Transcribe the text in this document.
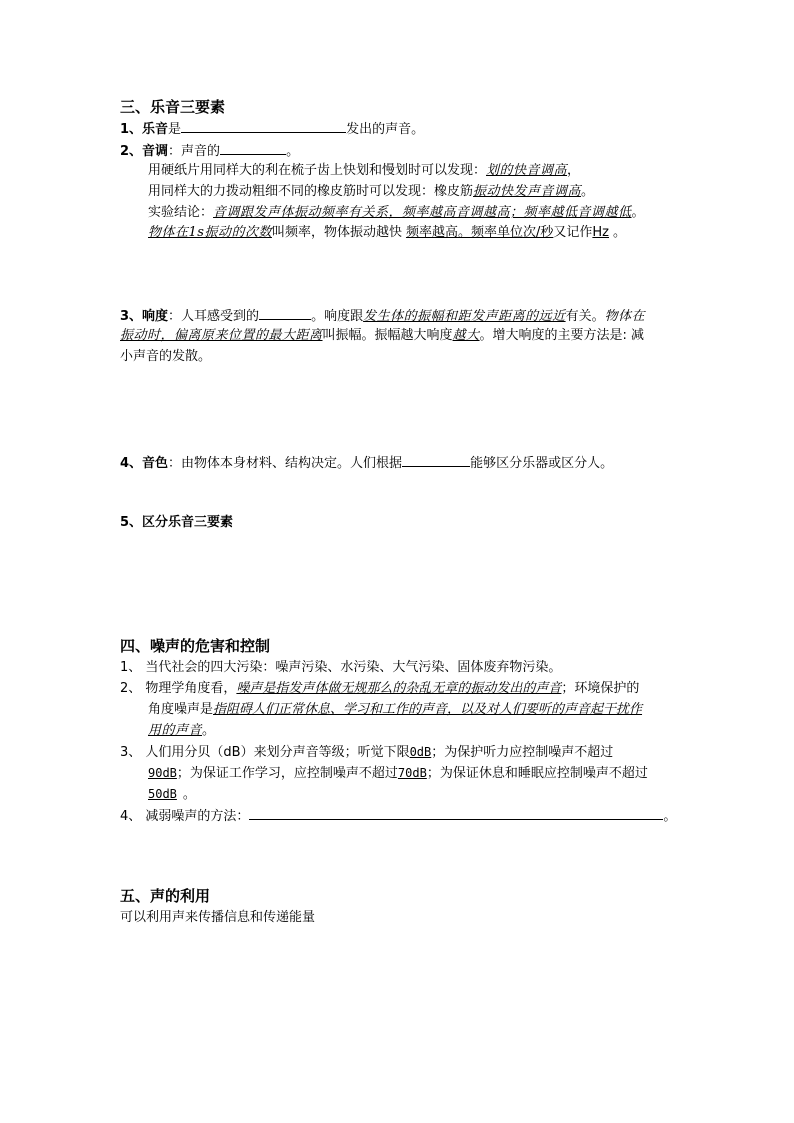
三、乐音三要素
1、乐音是	发出的声音。
2、音调：声音的	。
用硬纸片用同样大的利在梳子齿上快划和慢划时可以发现：划的快音调高，
用同样大的力拨动粗细不同的橡皮筋时可以发现：橡皮筋振动快发声音调高。
实验结论：音调跟发声体振动频率有关系，频率越高音调越高；频率越低音调越低。
物体在1s振动的次数叫频率，物体振动越快 频率越高。频率单位次/秒又记作Hz 。
3、响度：人耳感受到的	。响度跟发生体的振幅和距发声距离的远近有关。物体在
振动时，偏离原来位置的最大距离叫振幅。振幅越大响度越大。增大响度的主要方法是: 减
小声音的发散。
4、音色：由物体本身材料、结构决定。人们根据	能够区分乐器或区分人。
5、区分乐音三要素
四、噪声的危害和控制
1、 当代社会的四大污染：噪声污染、水污染、大气污染、固体废弃物污染。
2、 物理学角度看，噪声是指发声体做无规那么的杂乱无章的振动发出的声音；环境保护的
角度噪声是指阻碍人们正常休息、学习和工作的声音，以及对人们要听的声音起干扰作
用的声音。
3、 人们用分贝（dB）来划分声音等级；听觉下限0dB；为保护听力应控制噪声不超过
90dB；为保证工作学习，应控制噪声不超过70dB；为保证休息和睡眠应控制噪声不超过
50dB 。
4、 减弱噪声的方法：	。
五、声的利用
可以利用声来传播信息和传递能量
